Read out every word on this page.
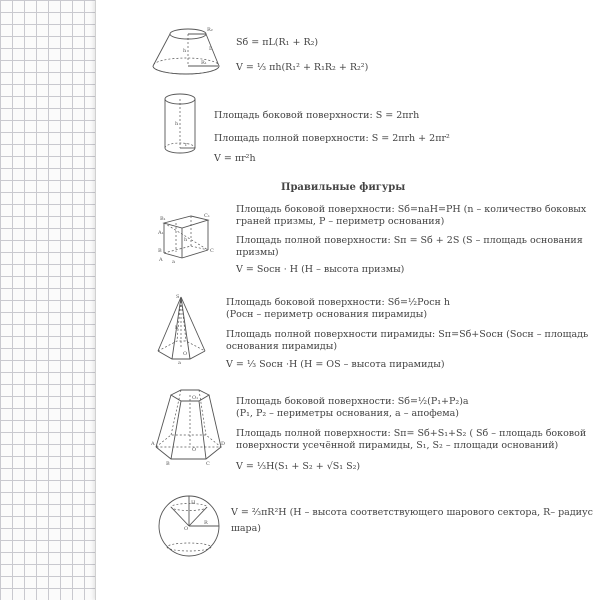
R₂
R₁
h	L
Sб = πL(R₁ + R₂)
V = ⅓ πh(R₁² + R₁R₂ + R₂²)
h
r
Площадь боковой поверхности: S = 2πrh
Площадь полной поверхности: S = 2πrh + 2πr²
V = πr²h
Правильные фигуры
B₁	C₁
A₁
B	C
A a
h
Площадь боковой поверхности: Sб=naH=PH (n – количество боковых
граней призмы, P – периметр основания)
Площадь полной поверхности: Sп = Sб + 2S (S – площадь основания
призмы)
V = Sосн · H (H – высота призмы)
S
O
h
a
Площадь боковой поверхности: Sб=½Pосн h
(Pосн – периметр основания пирамиды)
Площадь полной поверхности пирамиды: Sп=Sб+Sосн (Sосн – площадь
основания пирамиды)
V = ⅓ Sосн ·H (H = OS – высота пирамиды)
O₁
O
A
B	C
D
Площадь боковой поверхности: Sб=½(P₁+P₂)a
(P₁, P₂ – периметры основания, a – апофема)
Площадь полной поверхности: Sп= Sб+S₁+S₂ ( Sб – площадь боковой
поверхности усечённой пирамиды, S₁, S₂ – площади оснований)
V = ⅓H(S₁ + S₂ + √S₁ S₂)
H
R
O
V = ⅔πR²H (H – высота соответствующего шарового сектора, R– радиус
шара)
